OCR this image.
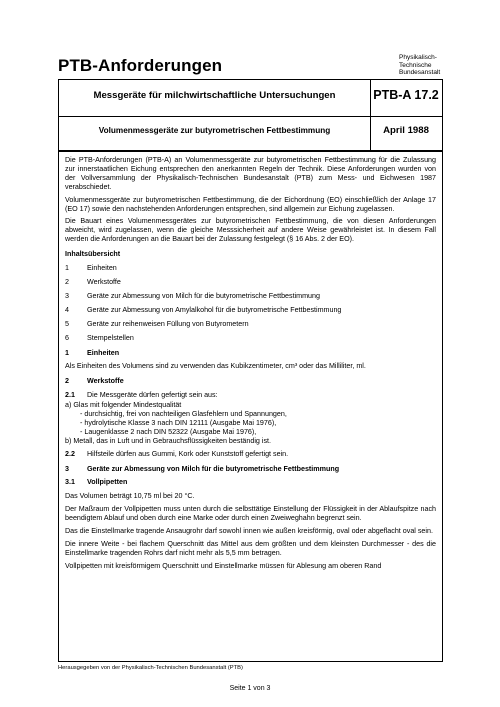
PTB-Anforderungen	Physikalisch-
Technische
Bundesanstalt
Messgeräte für milchwirtschaftliche Untersuchungen	PTB-A 17.2
Volumenmessgeräte zur butyrometrischen Fettbestimmung	April 1988

Die PTB-Anforderungen (PTB-A) an Volumenmessgeräte zur butyrometrischen Fettbestimmung für die Zulassung zur innerstaatlichen Eichung entsprechen den anerkannten Regeln der Technik. Diese Anforderungen wurden von der Vollversammlung der Physikalisch-Technischen Bundesanstalt (PTB) zum Mess- und Eichwesen 1987 verabschiedet.

Volumenmessgeräte zur butyrometrischen Fettbestimmung, die der Eichordnung (EO) einschließlich der Anlage 17 (EO 17) sowie den nachstehenden Anforderungen entsprechen, sind allgemein zur Eichung zugelassen.

Die Bauart eines Volumenmessgerätes zur butyrometrischen Fettbestimmung, die von diesen Anforderungen abweicht, wird zugelassen, wenn die gleiche Messsicherheit auf andere Weise gewährleistet ist. In diesem Fall werden die Anforderungen an die Bauart bei der Zulassung festgelegt (§ 16 Abs. 2 der EO).

Inhaltsübersicht
1	Einheiten
2	Werkstoffe
3	Geräte zur Abmessung von Milch für die butyrometrische Fettbestimmung
4	Geräte zur Abmessung von Amylalkohol für die butyrometrische Fettbestimmung
5	Geräte zur reihenweisen Füllung von Butyrometern
6	Stempelstellen
1	Einheiten

Als Einheiten des Volumens sind zu verwenden das Kubikzentimeter, cm³ oder das Milliliter, ml.

2	Werkstoffe
2.1	Die Messgeräte dürfen gefertigt sein aus:
a) Glas mit folgender Mindestqualität
- durchsichtig, frei von nachteiligen Glasfehlern und Spannungen,
- hydrolytische Klasse 3 nach DIN 12111 (Ausgabe Mai 1976),
- Laugenklasse 2 nach DIN 52322 (Ausgabe Mai 1976),
b) Metall, das in Luft und in Gebrauchsflüssigkeiten beständig ist.
2.2	Hilfsteile dürfen aus Gummi, Kork oder Kunststoff gefertigt sein.
3	Geräte zur Abmessung von Milch für die butyrometrische Fettbestimmung
3.1	Vollpipetten

Das Volumen beträgt 10,75 ml bei 20 °C.

Der Maßraum der Vollpipetten muss unten durch die selbsttätige Einstellung der Flüssigkeit in der Ablaufspitze nach beendigtem Ablauf und oben durch eine Marke oder durch einen Zweiweghahn begrenzt sein.

Das die Einstellmarke tragende Ansaugrohr darf sowohl innen wie außen kreisförmig, oval oder abgeflacht oval sein.

Die innere Weite - bei flachem Querschnitt das Mittel aus dem größten und dem kleinsten Durchmesser - des die Einstellmarke tragenden Rohrs darf nicht mehr als 5,5 mm betragen.

Vollpipetten mit kreisförmigem Querschnitt und Einstellmarke müssen für Ablesung am oberen Rand

Herausgegeben von der Physikalisch-Technischen Bundesanstalt (PTB)
Seite 1 von 3
